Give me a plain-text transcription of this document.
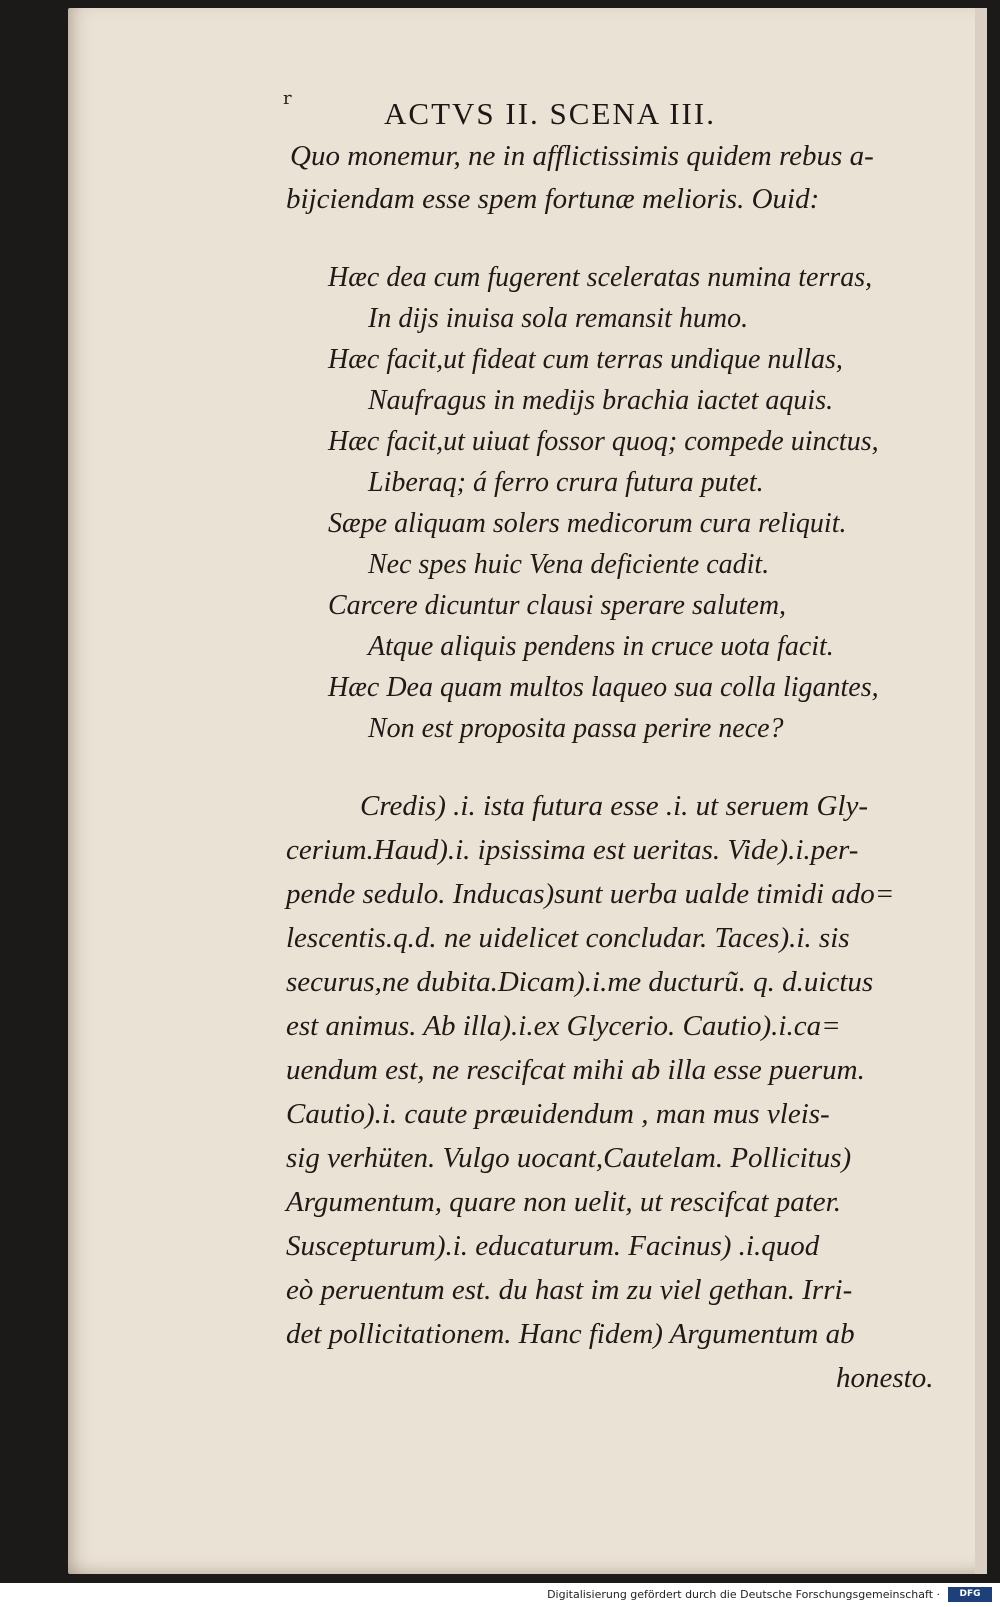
r	ACTVS II. SCENA III.
Quo monemur, ne in afflictissimis quidem rebus a-
bijciendam esse spem fortunæ melioris. Ouid:
Hæc dea cum fugerent sceleratas numina terras,
In dijs inuisa sola remansit humo.
Hæc facit,ut fideat cum terras undique nullas,
Naufragus in medijs brachia iactet aquis.
Hæc facit,ut uiuat fossor quoq; compede uinctus,
Liberaq; á ferro crura futura putet.
Sæpe aliquam solers medicorum cura reliquit.
Nec spes huic Vena deficiente cadit.
Carcere dicuntur clausi sperare salutem,
Atque aliquis pendens in cruce uota facit.
Hæc Dea quam multos laqueo sua colla ligantes,
Non est proposita passa perire nece?
Credis) .i. ista futura esse .i. ut seruem Gly-
cerium.Haud).i. ipsissima est ueritas. Vide).i.per-
pende sedulo. Inducas)sunt uerba ualde timidi ado=
lescentis.q.d. ne uidelicet concludar. Taces).i. sis
securus,ne dubita.Dicam).i.me ducturũ. q. d.uictus
est animus. Ab illa).i.ex Glycerio. Cautio).i.ca=
uendum est, ne rescifcat mihi ab illa esse puerum.
Cautio).i. caute præuidendum , man mus vleis-
sig verhüten. Vulgo uocant,Cautelam. Pollicitus)
Argumentum, quare non uelit, ut rescifcat pater.
Suscepturum).i. educaturum. Facinus) .i.quod
eò peruentum est. du hast im zu viel gethan. Irri-
det pollicitationem. Hanc fidem) Argumentum ab
honesto.
Digitalisierung gefördert durch die Deutsche Forschungsgemeinschaft ·	DFG
